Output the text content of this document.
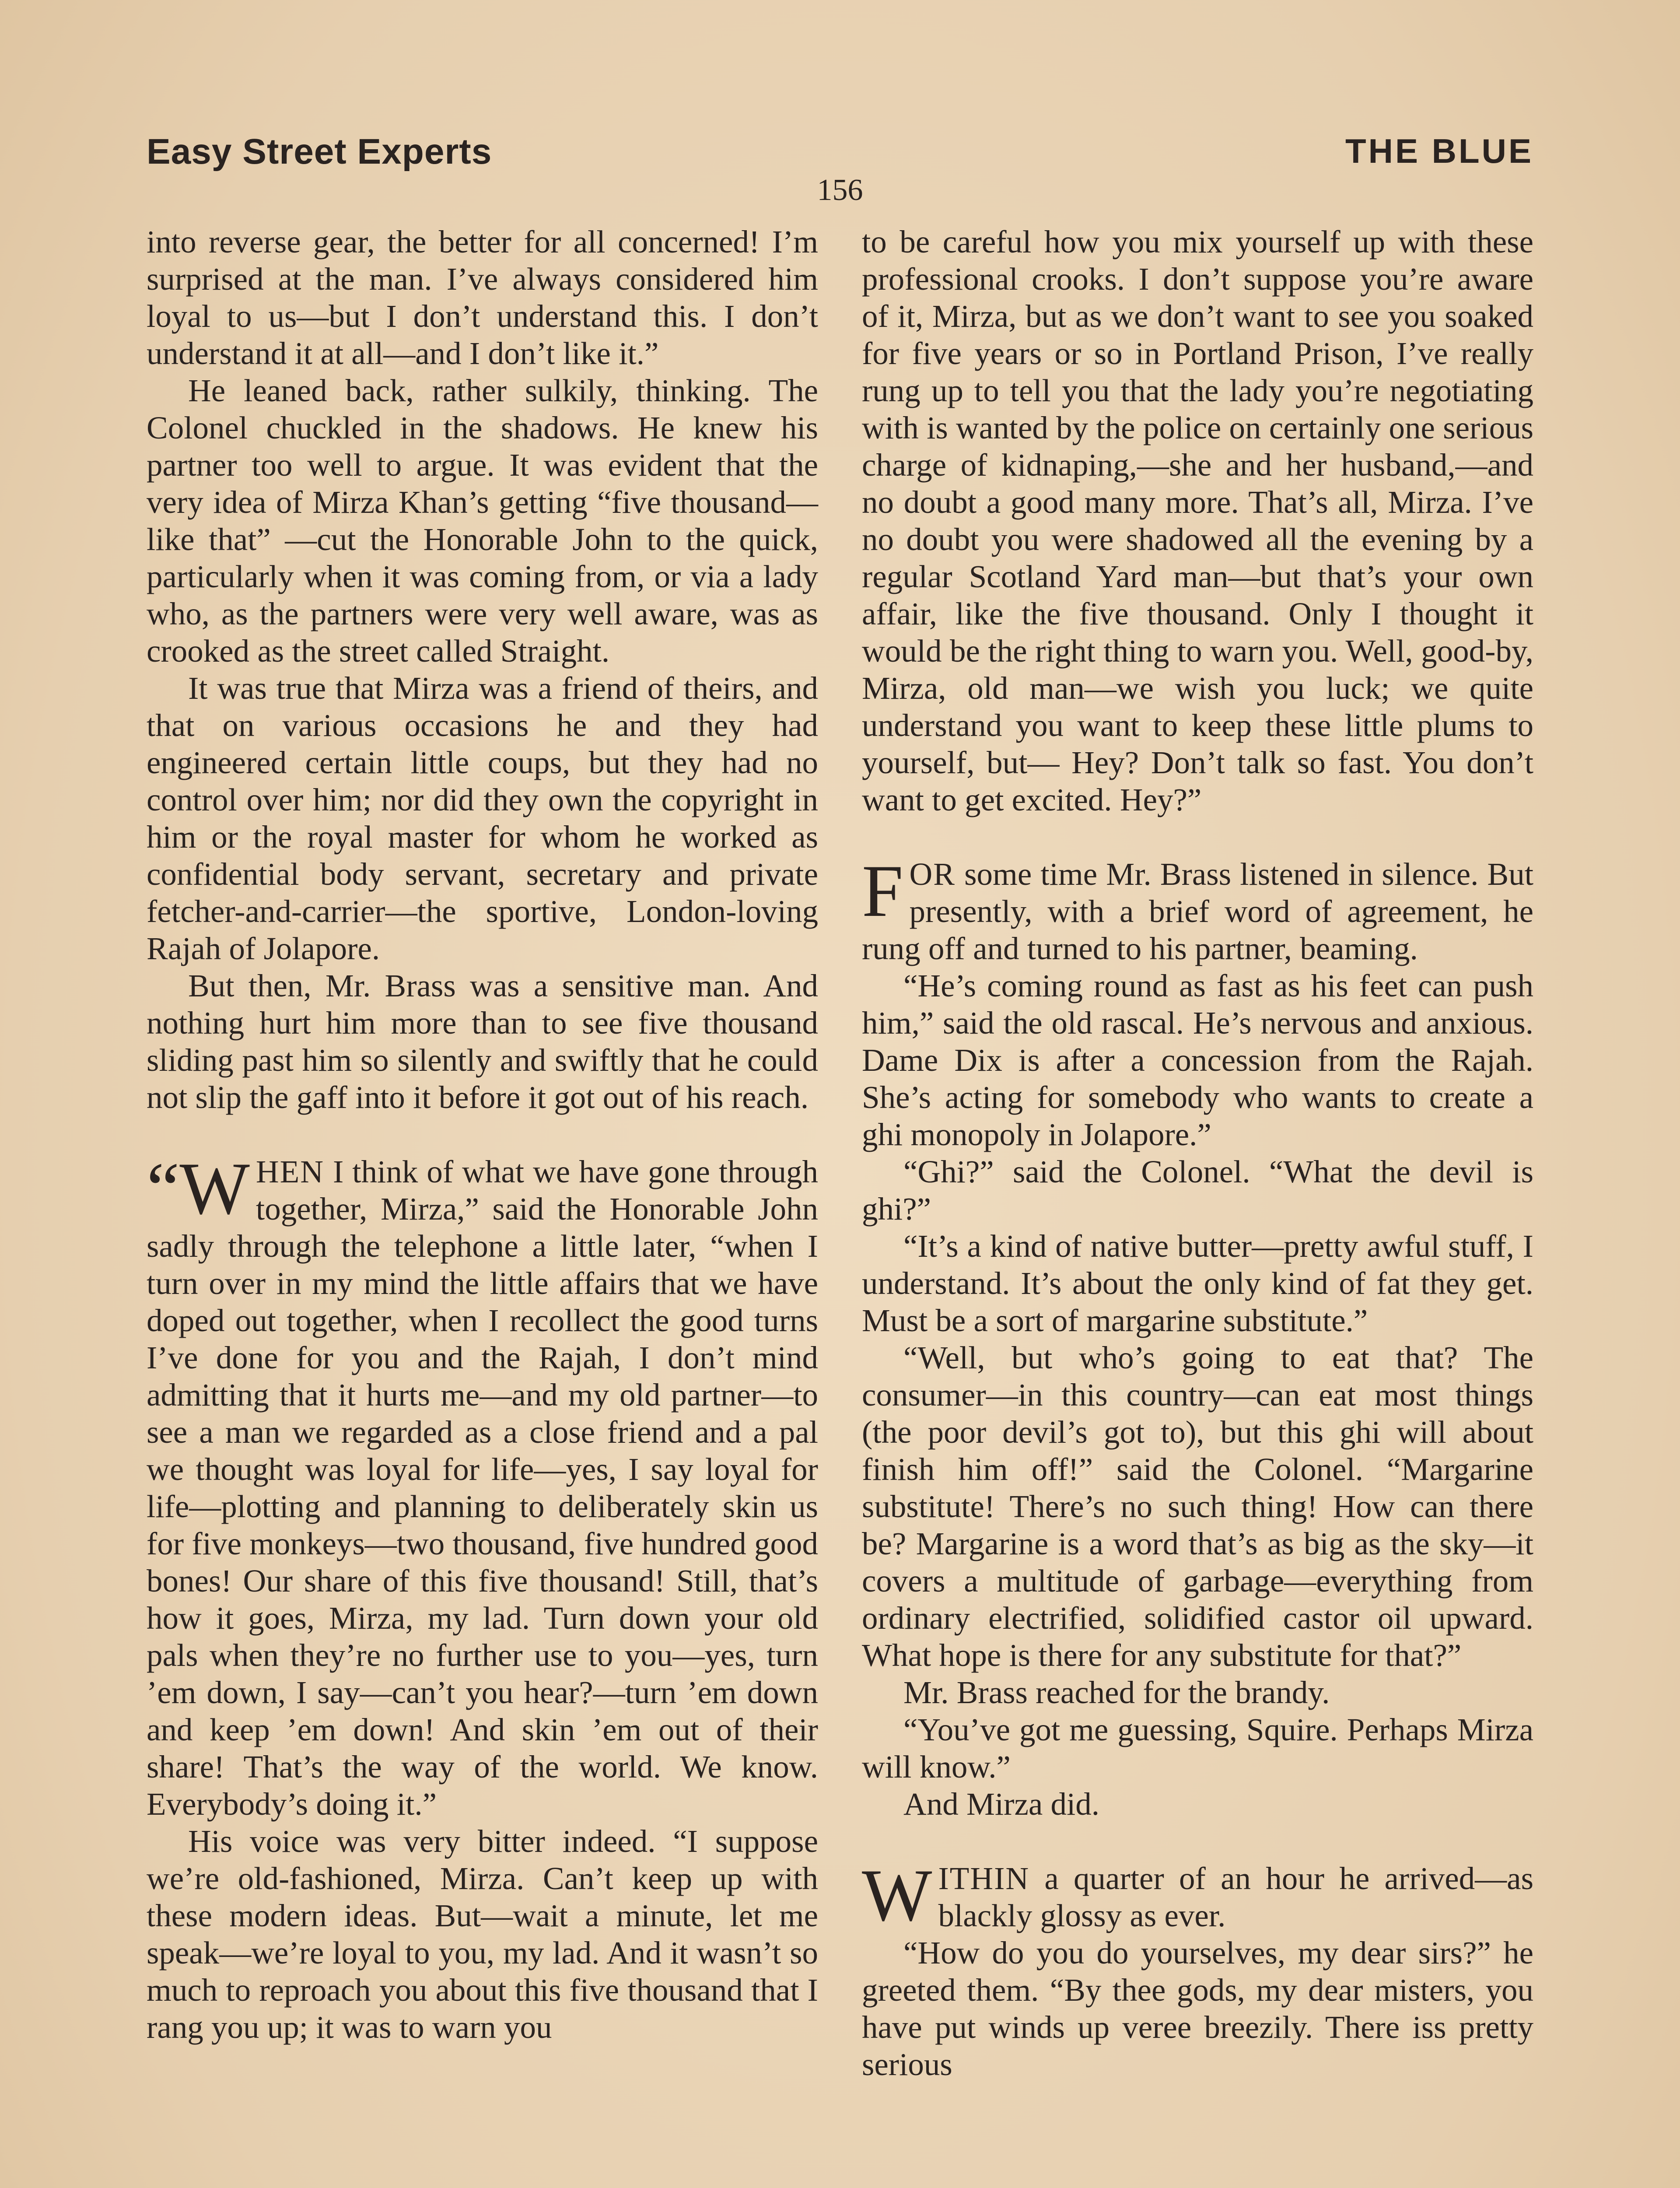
Easy Street Experts	THE BLUE
156

into reverse gear, the better for all concerned! I’m surprised at the man. I’ve always considered him loyal to us—but I don’t understand this. I don’t understand it at all—and I don’t like it.”

He leaned back, rather sulkily, thinking. The Colonel chuckled in the shadows. He knew his partner too well to argue. It was evident that the very idea of Mirza Khan’s getting “five thousand—like that” —cut the Honorable John to the quick, particularly when it was coming from, or via a lady who, as the partners were very well aware, was as crooked as the street called Straight.

It was true that Mirza was a friend of theirs, and that on various occasions he and they had engineered certain little coups, but they had no control over him; nor did they own the copyright in him or the royal master for whom he worked as confidential body servant, secretary and private fetcher-and-carrier—the sportive, London-loving Rajah of Jolapore.

But then, Mr. Brass was a sensitive man. And nothing hurt him more than to see five thousand sliding past him so silently and swiftly that he could not slip the gaff into it before it got out of his reach.

“WHEN I think of what we have gone through together, Mirza,” said the Honorable John sadly through the telephone a little later, “when I turn over in my mind the little affairs that we have doped out together, when I recollect the good turns I’ve done for you and the Rajah, I don’t mind admitting that it hurts me—and my old partner—to see a man we regarded as a close friend and a pal we thought was loyal for life—yes, I say loyal for life—plotting and planning to deliberately skin us for five monkeys—two thousand, five hundred good bones! Our share of this five thousand! Still, that’s how it goes, Mirza, my lad. Turn down your old pals when they’re no further use to you—yes, turn ’em down, I say—can’t you hear?—turn ’em down and keep ’em down! And skin ’em out of their share! That’s the way of the world. We know. Everybody’s doing it.”

His voice was very bitter indeed. “I suppose we’re old-fashioned, Mirza. Can’t keep up with these modern ideas. But—wait a minute, let me speak—we’re loyal to you, my lad. And it wasn’t so much to reproach you about this five thousand that I rang you up; it was to warn you

to be careful how you mix yourself up with these professional crooks. I don’t suppose you’re aware of it, Mirza, but as we don’t want to see you soaked for five years or so in Portland Prison, I’ve really rung up to tell you that the lady you’re negotiating with is wanted by the police on certainly one serious charge of kidnaping,—she and her husband,—and no doubt a good many more. That’s all, Mirza. I’ve no doubt you were shadowed all the evening by a regular Scotland Yard man—but that’s your own affair, like the five thousand. Only I thought it would be the right thing to warn you. Well, good-by, Mirza, old man—we wish you luck; we quite understand you want to keep these little plums to yourself, but— Hey? Don’t talk so fast. You don’t want to get excited. Hey?”

FOR some time Mr. Brass listened in silence. But presently, with a brief word of agreement, he rung off and turned to his partner, beaming.

“He’s coming round as fast as his feet can push him,” said the old rascal. He’s nervous and anxious. Dame Dix is after a concession from the Rajah. She’s acting for somebody who wants to create a ghi monopoly in Jolapore.”

“Ghi?” said the Colonel. “What the devil is ghi?”

“It’s a kind of native butter—pretty awful stuff, I understand. It’s about the only kind of fat they get. Must be a sort of margarine substitute.”

“Well, but who’s going to eat that? The consumer—in this country—can eat most things (the poor devil’s got to), but this ghi will about finish him off!” said the Colonel. “Margarine substitute! There’s no such thing! How can there be? Margarine is a word that’s as big as the sky—it covers a multitude of garbage—everything from ordinary electrified, solidified castor oil upward. What hope is there for any substitute for that?”

Mr. Brass reached for the brandy.

“You’ve got me guessing, Squire. Perhaps Mirza will know.”

And Mirza did.

WITHIN a quarter of an hour he arrived—as blackly glossy as ever.

“How do you do yourselves, my dear sirs?” he greeted them. “By thee gods, my dear misters, you have put winds up veree breezily. There iss pretty serious
